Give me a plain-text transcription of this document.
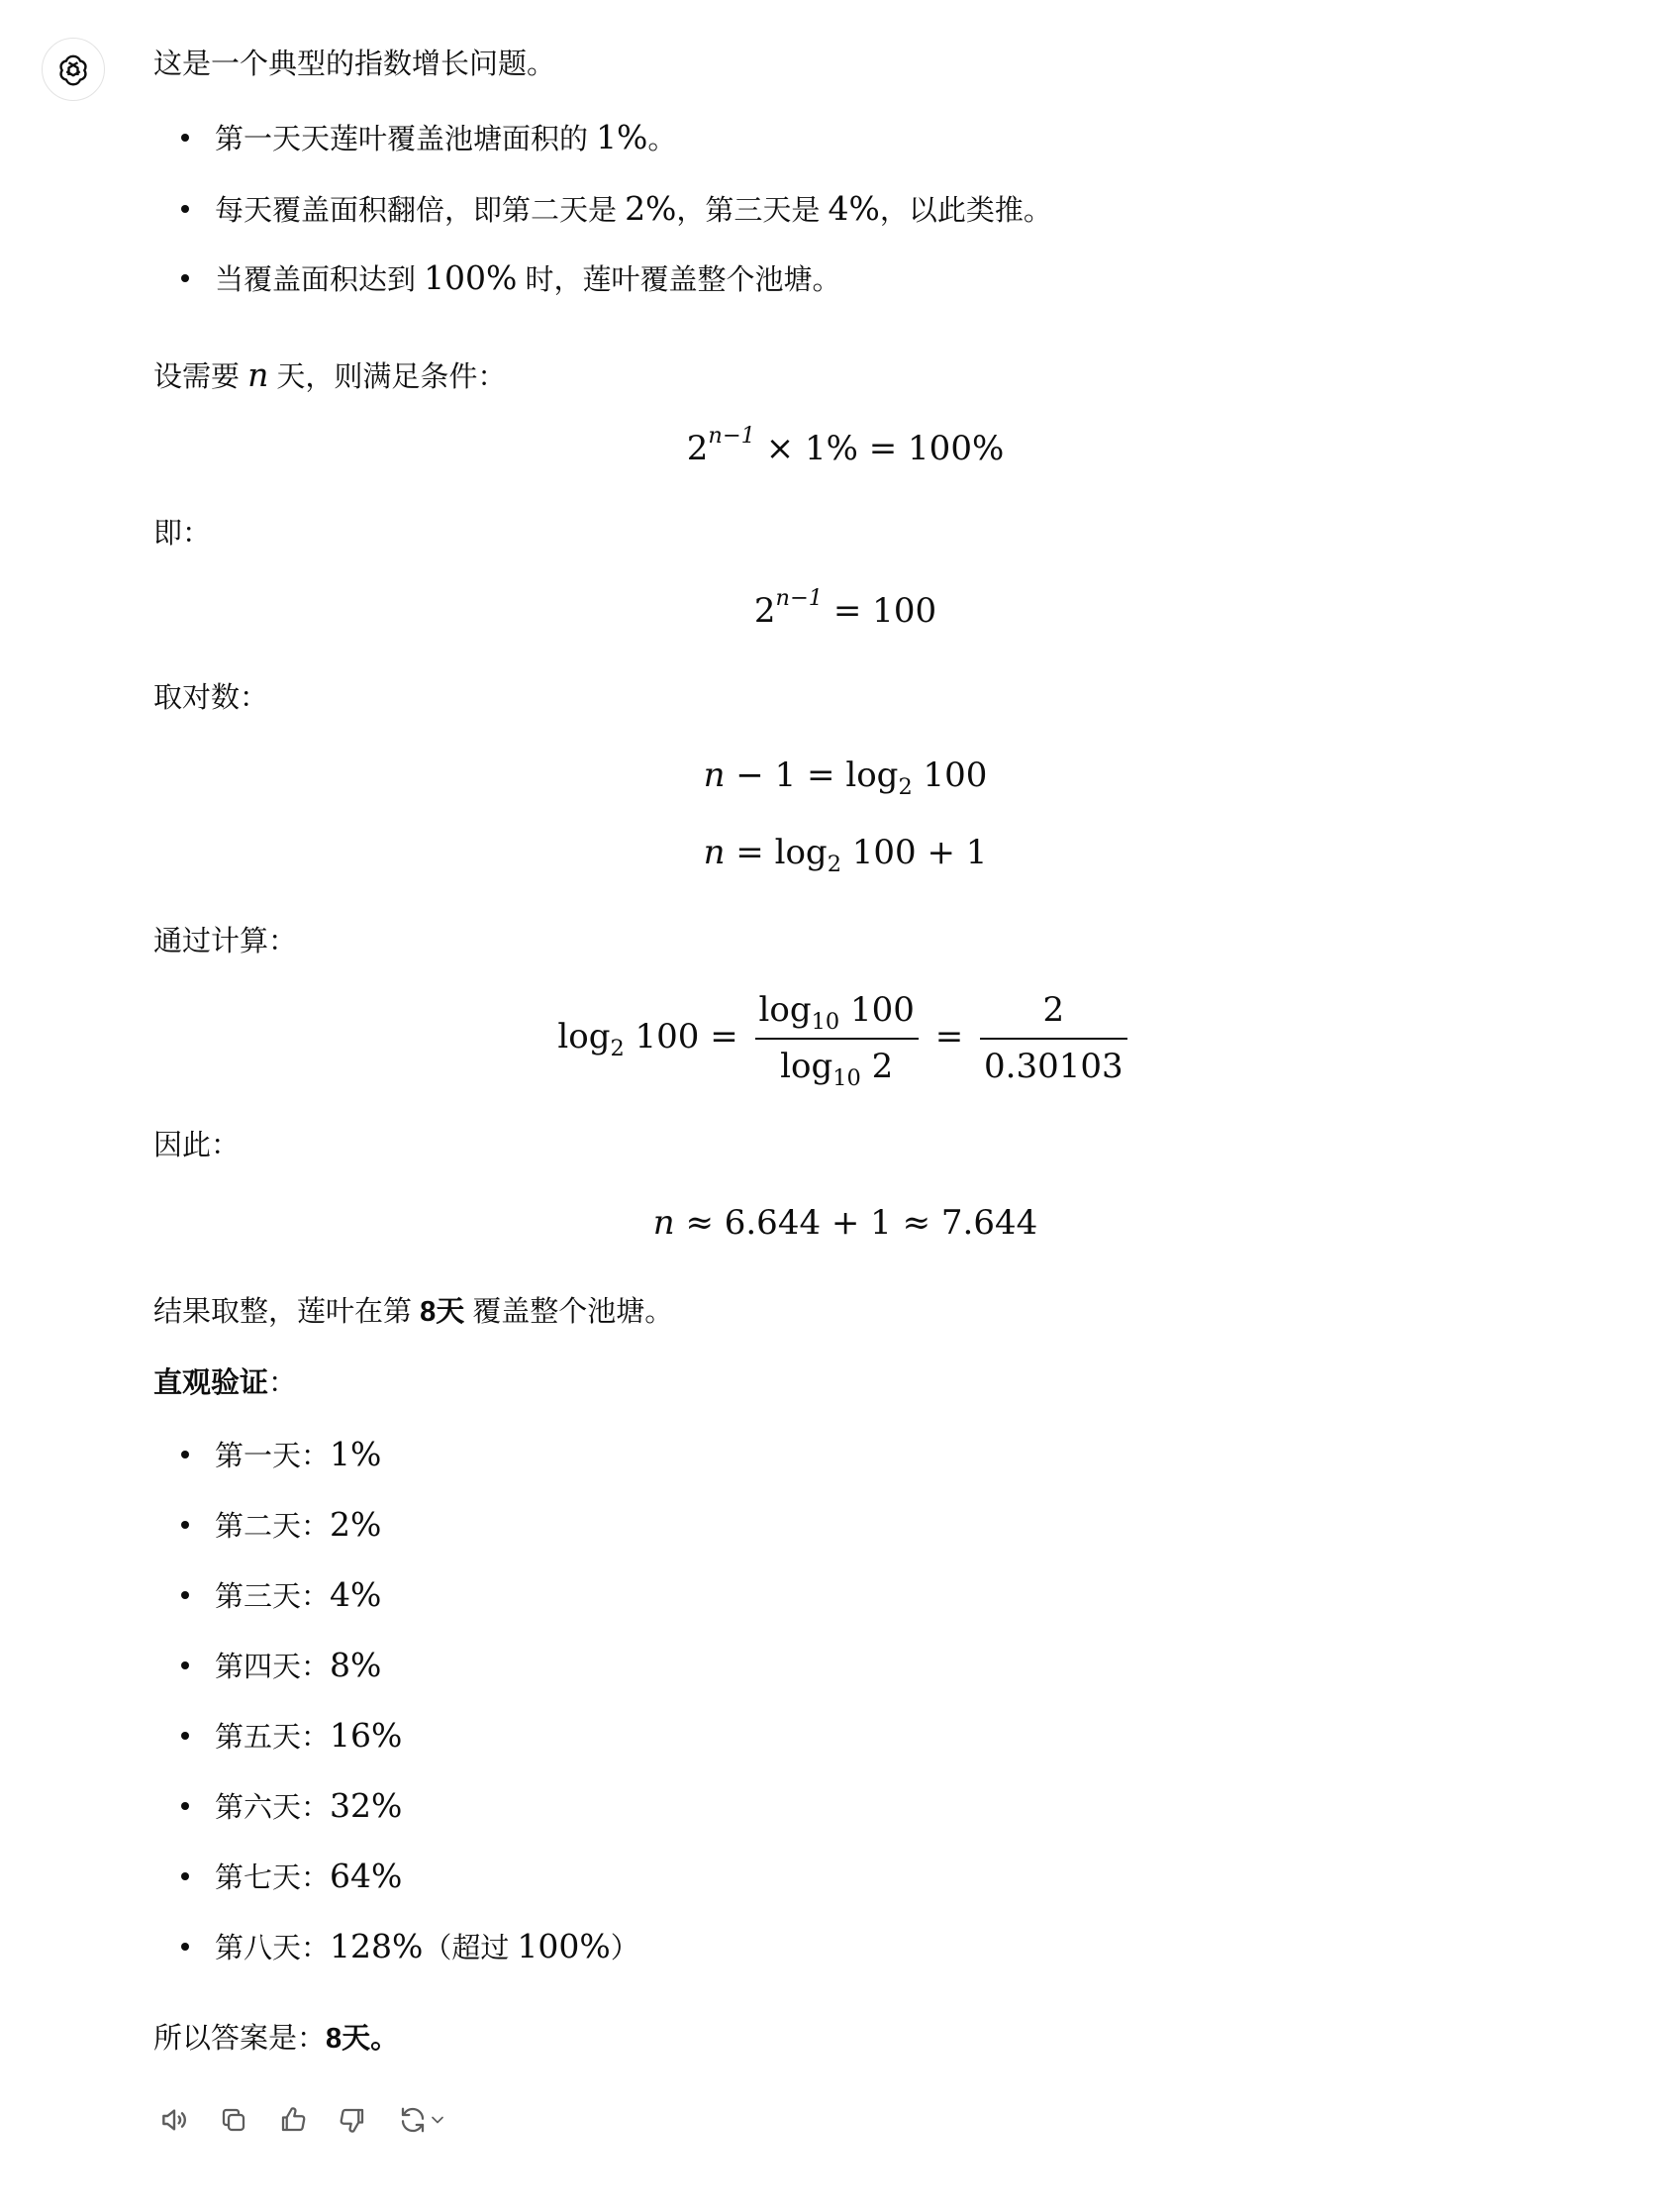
这是一个典型的指数增长问题。
第一天天莲叶覆盖池塘面积的 1%。
每天覆盖面积翻倍，即第二天是 2%，第三天是 4%，以此类推。
当覆盖面积达到 100% 时，莲叶覆盖整个池塘。
设需要 n 天，则满足条件：
$2^{n-1} \times 1\% = 100\%$
即：
$2^{n-1} = 100$
取对数：
$n - 1 = \log_2 100$
$n = \log_2 100 + 1$
通过计算：
$\log_2 100 = \frac{\log_{10} 100}{\log_{10} 2} = \frac{2}{0.30103}$
因此：
n ≈ 6.644 + 1 ≈ 7.644
结果取整，莲叶在第 8天 覆盖整个池塘。
直观验证：
第一天：1%
第二天：2%
第三天：4%
第四天：8%
第五天：16%
第六天：32%
第七天：64%
第八天：128%（超过 100%）
所以答案是：8天。
